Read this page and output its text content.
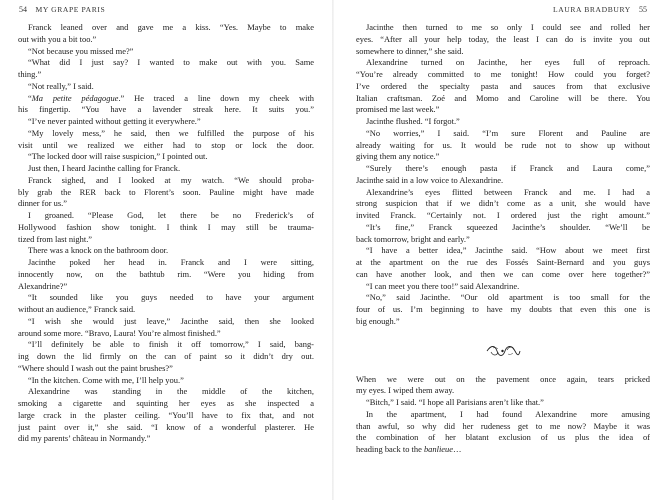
54 MY GRAPE PARIS
Franck leaned over and gave me a kiss. “Yes. Maybe to make
out with you a bit too.”
“Not because you missed me?”
“What did I just say? I wanted to make out with you. Same
thing.”
“Not really,” I said.
“Ma petite pédagogue.” He traced a line down my cheek with
his fingertip. “You have a lavender streak here. It suits you.”
“I’ve never painted without getting it everywhere.”
“My lovely mess,” he said, then we fulfilled the purpose of his
visit until we realized we either had to stop or lock the door.
“The locked door will raise suspicion,” I pointed out.
Just then, I heard Jacinthe calling for Franck.
Franck sighed, and I looked at my watch. “We should proba-
bly grab the RER back to Florent’s soon. Pauline might have made
dinner for us.”
I groaned. “Please God, let there be no Frederick’s of
Hollywood fashion show tonight. I think I may still be trauma-
tized from last night.”
There was a knock on the bathroom door.
Jacinthe poked her head in. Franck and I were sitting,
innocently now, on the bathtub rim. “Were you hiding from
Alexandrine?”
“It sounded like you guys needed to have your argument
without an audience,” Franck said.
“I wish she would just leave,” Jacinthe said, then she looked
around some more. “Bravo, Laura! You’re almost finished.”
“I’ll definitely be able to finish it off tomorrow,” I said, bang-
ing down the lid firmly on the can of paint so it didn’t dry out.
“Where should I wash out the paint brushes?”
“In the kitchen. Come with me, I’ll help you.”
Alexandrine was standing in the middle of the kitchen,
smoking a cigarette and squinting her eyes as she inspected a
large crack in the plaster ceiling. “You’ll have to fix that, and not
just paint over it,” she said. “I know of a wonderful plasterer. He
did my parents’ château in Normandy.”
LAURA BRADBURY 55
Jacinthe then turned to me so only I could see and rolled her
eyes. “After all your help today, the least I can do is invite you out
somewhere to dinner,” she said.
Alexandrine turned on Jacinthe, her eyes full of reproach.
“You’re already committed to me tonight! How could you forget?
I’ve ordered the specialty pasta and sauces from that exclusive
Italian craftsman. Zoé and Momo and Caroline will be there. You
promised me last week.”
Jacinthe flushed. “I forgot.”
“No worries,” I said. “I’m sure Florent and Pauline are
already waiting for us. It would be rude not to show up without
giving them any notice.”
“Surely there’s enough pasta if Franck and Laura come,”
Jacinthe said in a low voice to Alexandrine.
Alexandrine’s eyes flitted between Franck and me. I had a
strong suspicion that if we didn’t come as a unit, she would have
invited Franck. “Certainly not. I ordered just the right amount.”
“It’s fine,” Franck squeezed Jacinthe’s shoulder. “We’ll be
back tomorrow, bright and early.”
“I have a better idea,” Jacinthe said. “How about we meet first
at the apartment on the rue des Fossés Saint-Bernard and you guys
can have another look, and then we can come over here together?”
“I can meet you there too!” said Alexandrine.
“No,” said Jacinthe. “Our old apartment is too small for the
four of us. I’m beginning to have my doubts that even this one is
big enough.”
When we were out on the pavement once again, tears pricked
my eyes. I wiped them away.
“Bitch,” I said. “I hope all Parisians aren’t like that.”
In the apartment, I had found Alexandrine more amusing
than awful, so why did her rudeness get to me now? Maybe it was
the combination of her blatant exclusion of us plus the idea of
heading back to the banlieue…
